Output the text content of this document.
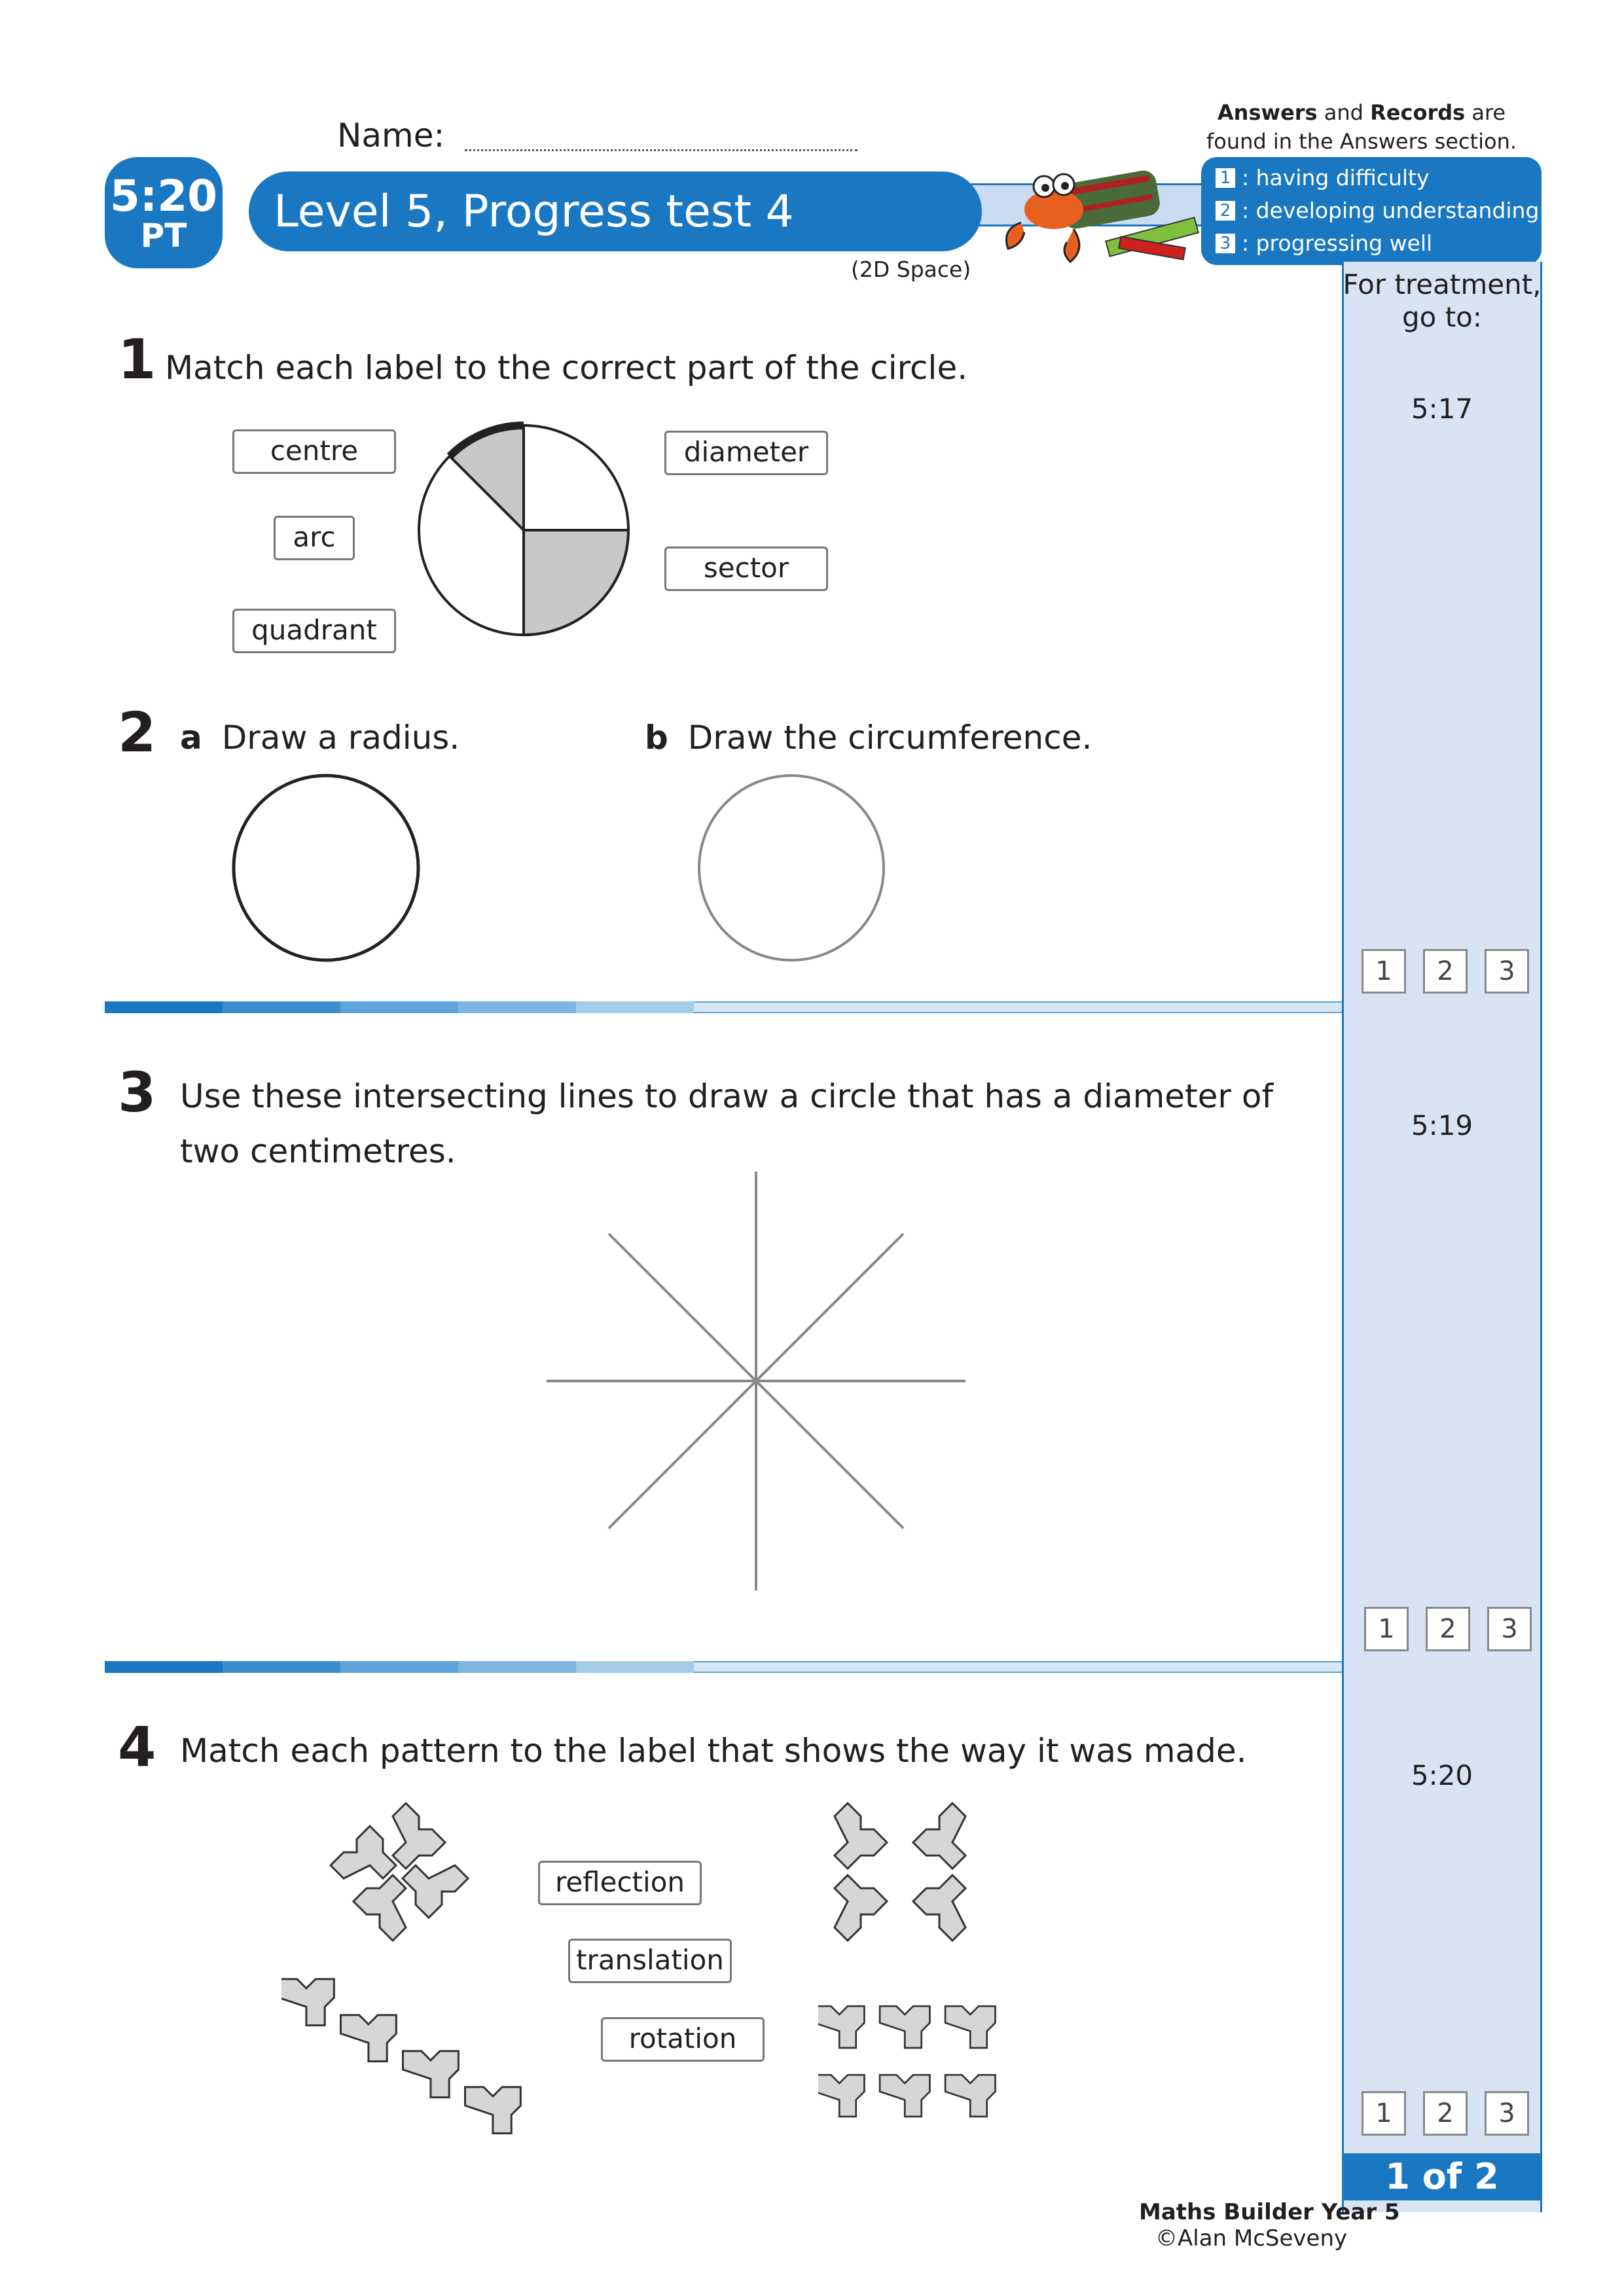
Name:
Answers and Records are
found in the Answers section.
5:20
PT	Level 5, Progress test 4
(2D Space)
1 : having difficulty
2 : developing understanding
3 : progressing well
For treatment,
go to:
5:17
5:19
5:20
1	2	3
1	2	3
1	2	3
1 of 2
1 Match each label to the correct part of the circle.
centre
arc
quadrant
diameter
sector
2 a Draw a radius.	b Draw the circumference.
3 Use these intersecting lines to draw a circle that has a diameter of
two centimetres.
4 Match each pattern to the label that shows the way it was made.
reflection
translation
rotation
Maths Builder Year 5
©Alan McSeveny
